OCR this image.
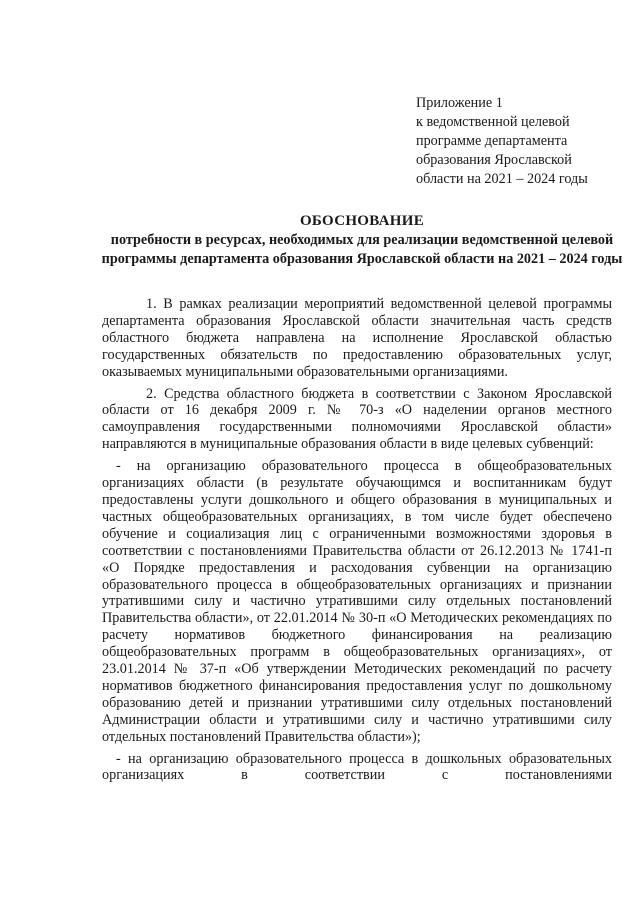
Приложение 1
к ведомственной целевой
программе департамента
образования Ярославской
области на 2021 – 2024 годы
ОБОСНОВАНИЕ
потребности в ресурсах, необходимых для реализации ведомственной целевой программы департамента образования Ярославской области на 2021 – 2024 годы

1. В рамках реализации мероприятий ведомственной целевой программы департамента образования Ярославской области значительная часть средств областного бюджета направлена на исполнение Ярославской областью государственных обязательств по предоставлению образовательных услуг, оказываемых муниципальными образовательными организациями.

2. Средства областного бюджета в соответствии с Законом Ярославской области от 16 декабря 2009 г. № 70-з «О наделении органов местного самоуправления государственными полномочиями Ярославской области» направляются в муниципальные образования области в виде целевых субвенций:

- на организацию образовательного процесса в общеобразовательных организациях области (в результате обучающимся и воспитанникам будут предоставлены услуги дошкольного и общего образования в муниципальных и частных общеобразовательных организациях, в том числе будет обеспечено обучение и социализация лиц с ограниченными возможностями здоровья в соответствии с постановлениями Правительства области от 26.12.2013 № 1741-п «О Порядке предоставления и расходования субвенции на организацию образовательного процесса в общеобразовательных организациях и признании утратившими силу и частично утратившими силу отдельных постановлений Правительства области», от 22.01.2014 № 30-п «О Методических рекомендациях по расчету нормативов бюджетного финансирования на реализацию общеобразовательных программ в общеобразовательных организациях», от 23.01.2014 № 37-п «Об утверждении Методических рекомендаций по расчету нормативов бюджетного финансирования предоставления услуг по дошкольному образованию детей и признании утратившими силу отдельных постановлений Администрации области и утратившими силу и частично утратившими силу отдельных постановлений Правительства области»);

- на организацию образовательного процесса в дошкольных образовательных организациях в соответствии с постановлениями
